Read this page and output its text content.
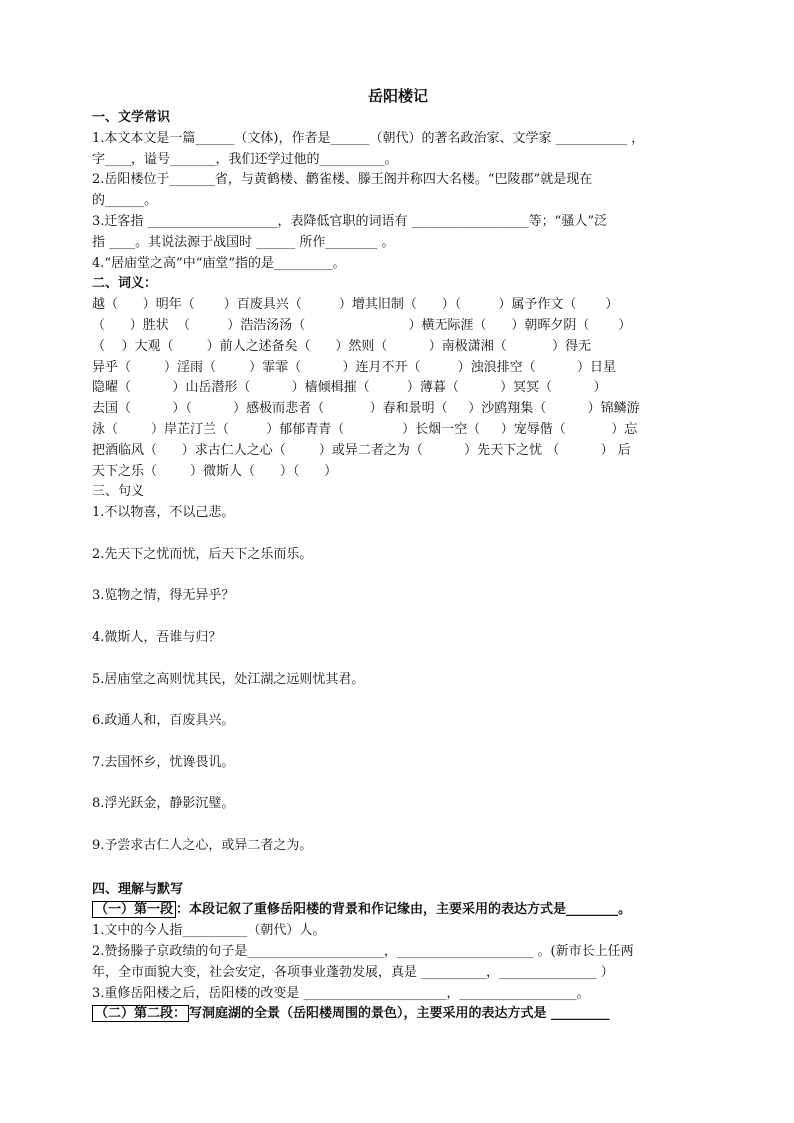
岳阳楼记
一、文学常识
1.本文本文是一篇______（文体)，作者是______（朝代）的著名政治家、文学家 ___________ ，
字____，谥号_______，我们还学过他的__________。
2.岳阳楼位于_______省，与黄鹤楼、鹳雀楼、滕王阁并称四大名楼。“巴陵郡”就是现在
的______。
3.迁客指 ____________________，表降低官职的词语有 __________________等；“骚人”泛
指 ____。其说法源于战国时 ______ 所作________ 。
4.“居庙堂之高”中“庙堂”指的是_________。
二、词义：
越（      ）明年（       ）百废具兴（         ）增其旧制（      ）（         ）属予作文（       ）
（      ）胜状  （         ）浩浩汤汤（                         ）横无际涯（      ）朝晖夕阴（       ）
（    ）大观（        ）前人之述备矣（      ）然则（          ）南极潇湘（           ）得无
异乎（        ）淫雨（        ）霏霏（          ）连月不开（         ）浊浪排空（          ）日星
隐曜（          ）山岳潜形（          ）樯倾楫摧（         ）薄暮（          ）冥冥（          ）
去国（          ）（          ）感极而悲者（           ）春和景明（     ）沙鸥翔集（          ）锦鳞游
泳（        ）岸芷汀兰（         ）郁郁青青（              ）长烟一空（     ）宠辱偕（           ）忘
把酒临风（      ）求古仁人之心（        ）或异二者之为（          ）先天下之忧 （          ） 后
天下之乐（        ）微斯人（      ）（      ）
三、句义
1.不以物喜，不以己悲。
2.先天下之忧而忧，后天下之乐而乐。
3.览物之情，得无异乎？
4.微斯人，吾谁与归？
5.居庙堂之高则忧其民，处江湖之远则忧其君。
6.政通人和，百废具兴。
7.去国怀乡，忧谗畏讥。
8.浮光跃金，静影沉璧。
9.予尝求古仁人之心，或异二者之为。
四、理解与默写
（一）第一段 ：本段记叙了重修岳阳楼的背景和作记缘由，主要采用的表达方式是________。
1.文中的今人指__________（朝代）人。
2.赞扬滕子京政绩的句子是_____________________，_____________________ 。(新市长上任两
年，全市面貌大变，社会安定，各项事业蓬勃发展，真是 __________，_______________ ）
3.重修岳阳楼之后，岳阳楼的改变是 ______________________，__________________。
（二）第二段： 写洞庭湖的全景（岳阳楼周围的景色），主要采用的表达方式是 _________
